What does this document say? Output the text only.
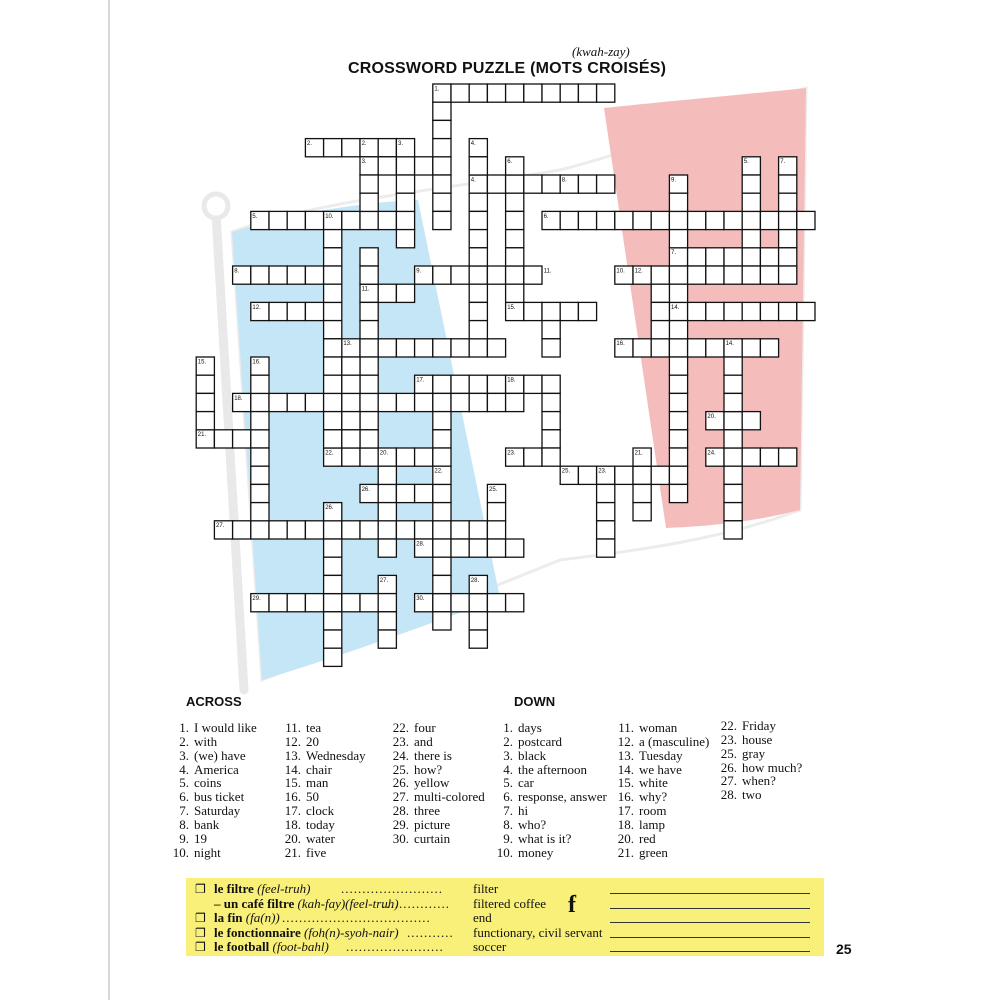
(kwah-zay)
CROSSWORD PUZZLE (MOTS CROISÉS)
1.
2.	2.	3.	4.
3.	6.	5.	7.
4.	8.	9.
5.	10.	6.
7.
8.	9.	11.	10. 12.
11.
12.	15.	14.
13.	16.	14.
15.	16.
17.	18.
18.
20.
21.
22.	20.	23.	21.	24.
22.	25.	23.
26.	25.
26.
27.
28.
27.	28.
29.	30.
ACROSS	DOWN
1. I would like
2. with
3. (we) have
4. America
5. coins
6. bus ticket
7. Saturday
8. bank
9. 19
10. night
11. tea
12. 20
13. Wednesday
14. chair
15. man
16. 50
17. clock
18. today
20. water
21. five
22. four
23. and
24. there is
25. how?
26. yellow
27. multi-colored
28. three
29. picture
30. curtain
1. days
2. postcard
3. black
4. the afternoon
5. car
6. response, answer
7. hi
8. who?
9. what is it?
10. money
11. woman
12. a (masculine)
13. Tuesday
14. we have
15. white
16. why?
17. room
18. lamp
20. red
21. green
22. Friday
23. house
25. gray
26. how much?
27. when?
28. two
❒ le filtre (feel-truh) ........................ filter
– un café filtre (kah-fay)(feel-truh)
................ filtered coffee
❒ la fin (fa(n)) ...................................	end
❒ le fonctionnaire (foh(n)-syoh-nair) ........... functionary, civil servant
❒ le football (foot-bahl) ....................... soccer
f
25
